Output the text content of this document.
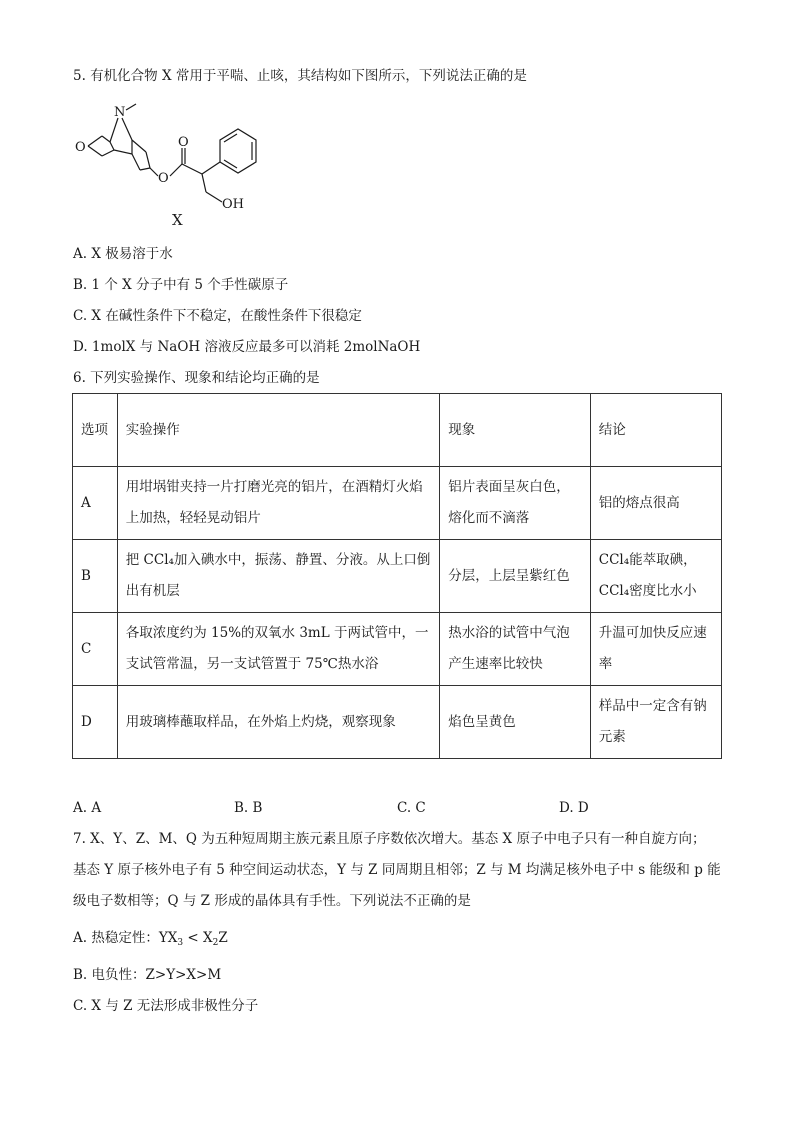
5. 有机化合物 X 常用于平喘、止咳，其结构如下图所示，下列说法正确的是
N
O
O
O
OH
X
A. X 极易溶于水
B. 1 个 X 分子中有 5 个手性碳原子
C. X 在碱性条件下不稳定，在酸性条件下很稳定
D. 1molX 与 NaOH 溶液反应最多可以消耗 2molNaOH
6. 下列实验操作、现象和结论均正确的是
选项	实验操作	现象	结论
A	用坩埚钳夹持一片打磨光亮的铝片，在酒精灯火焰上加热，轻轻晃动铝片	铝片表面呈灰白色，熔化而不滴落	铝的熔点很高
B	把 CCl₄加入碘水中，振荡、静置、分液。从上口倒出有机层	分层，上层呈紫红色	CCl₄能萃取碘，CCl₄密度比水小
C	各取浓度约为 15%的双氧水 3mL 于两试管中，一支试管常温，另一支试管置于 75℃热水浴	热水浴的试管中气泡产生速率比较快	升温可加快反应速率
D	用玻璃棒蘸取样品，在外焰上灼烧，观察现象	焰色呈黄色	样品中一定含有钠元素
A. A	B. B	C. C	D. D
7. X、Y、Z、M、Q 为五种短周期主族元素且原子序数依次增大。基态 X 原子中电子只有一种自旋方向；
基态 Y 原子核外电子有 5 种空间运动状态，Y 与 Z 同周期且相邻；Z 与 M 均满足核外电子中 s 能级和 p 能
级电子数相等；Q 与 Z 形成的晶体具有手性。下列说法不正确的是
A. 热稳定性：$YX_3 < X_2Z$
B. 电负性：Z>Y>X>M
C. X 与 Z 无法形成非极性分子
